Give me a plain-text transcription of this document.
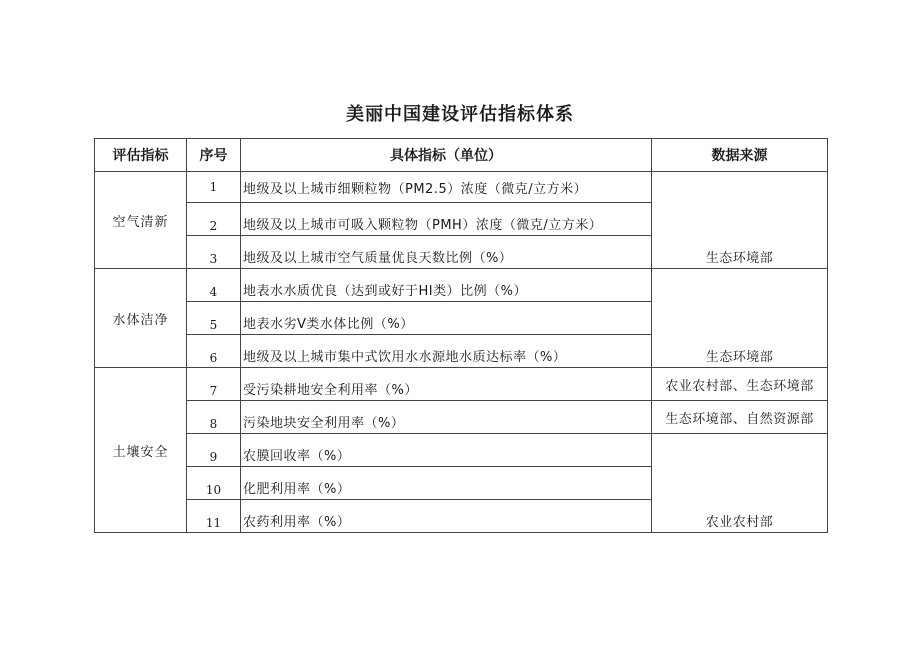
美丽中国建设评估指标体系
评估指标	序号	具体指标（单位）	数据来源
空气清新	1	地级及以上城市细颗粒物（PM2.5）浓度（微克/立方米）	生态环境部
	2	地级及以上城市可吸入颗粒物（PMH）浓度（微克/立方米）	
	3	地级及以上城市空气质量优良天数比例（%）	
水体洁净	4	地表水水质优良（达到或好于HI类）比例（%）	生态环境部
	5	地表水劣V类水体比例（%）	
	6	地级及以上城市集中式饮用水水源地水质达标率（%）	
土壤安全	7	受污染耕地安全利用率（%）	农业农村部、生态环境部
	8	污染地块安全利用率（%）	生态环境部、自然资源部
	9	农膜回收率（%）	农业农村部
	10	化肥利用率（%）	
	11	农药利用率（%）	
